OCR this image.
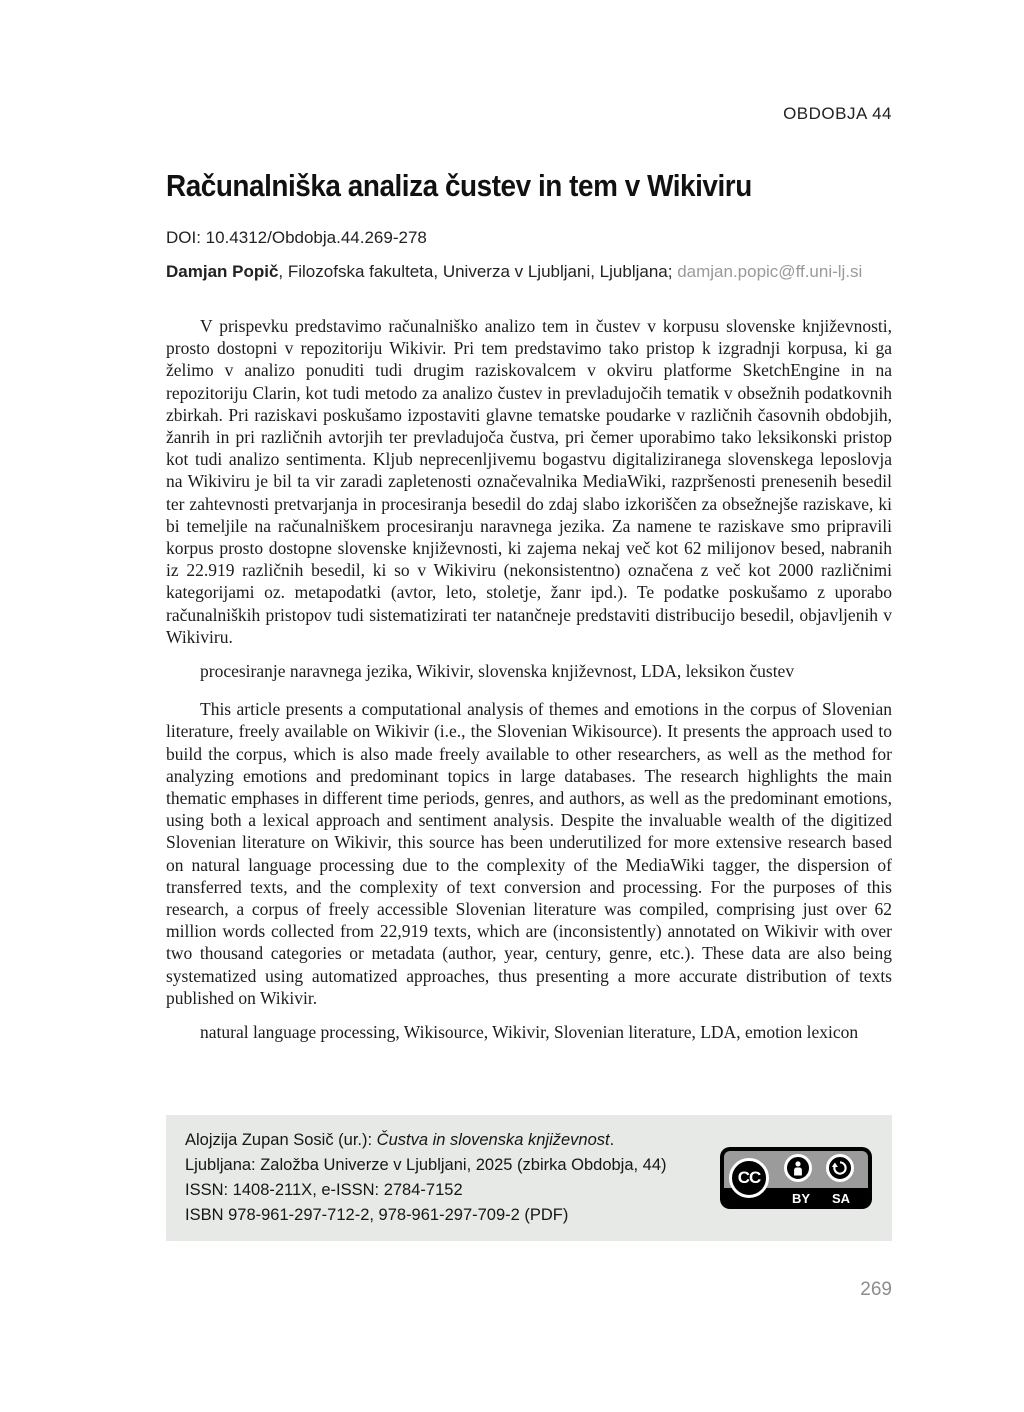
OBDOBJA 44
Računalniška analiza čustev in tem v Wikiviru
DOI: 10.4312/Obdobja.44.269-278
Damjan Popič, Filozofska fakulteta, Univerza v Ljubljani, Ljubljana; damjan.popic@ff.uni-lj.si

V prispevku predstavimo računalniško analizo tem in čustev v korpusu slovenske književnosti, prosto dostopni v repozitoriju Wikivir. Pri tem predstavimo tako pristop k izgradnji korpusa, ki ga želimo v analizo ponuditi tudi drugim raziskovalcem v okviru platforme SketchEngine in na repozitoriju Clarin, kot tudi metodo za analizo čustev in prevladujočih tematik v obsežnih podatkovnih zbirkah. Pri raziskavi poskušamo izpostaviti glavne tematske poudarke v različnih časovnih obdobjih, žanrih in pri različnih avtorjih ter prevladujoča čustva, pri čemer uporabimo tako leksikonski pristop kot tudi analizo sentimenta. Kljub neprecenljivemu bogastvu digitaliziranega slovenskega leposlovja na Wikiviru je bil ta vir zaradi zapletenosti označevalnika MediaWiki, razpršenosti prenesenih besedil ter zahtevnosti pretvarjanja in procesiranja besedil do zdaj slabo izkoriščen za obsežnejše raziskave, ki bi temeljile na računalniškem procesiranju naravnega jezika. Za namene te raziskave smo pripravili korpus prosto dostopne slovenske književnosti, ki zajema nekaj več kot 62 milijonov besed, nabranih iz 22.919 različnih besedil, ki so v Wikiviru (nekonsistentno) označena z več kot 2000 različnimi kategorijami oz. metapodatki (avtor, leto, stoletje, žanr ipd.). Te podatke poskušamo z uporabo računalniških pristopov tudi sistematizirati ter natančneje predstaviti distribucijo besedil, objavljenih v Wikiviru.

procesiranje naravnega jezika, Wikivir, slovenska književnost, LDA, leksikon čustev

This article presents a computational analysis of themes and emotions in the corpus of Slovenian literature, freely available on Wikivir (i.e., the Slovenian Wikisource). It presents the approach used to build the corpus, which is also made freely available to other researchers, as well as the method for analyzing emotions and predominant topics in large databases. The research highlights the main thematic emphases in different time periods, genres, and authors, as well as the predominant emotions, using both a lexical approach and sentiment analysis. Despite the invaluable wealth of the digitized Slovenian literature on Wikivir, this source has been underutilized for more extensive research based on natural language processing due to the complexity of the MediaWiki tagger, the dispersion of transferred texts, and the complexity of text conversion and processing. For the purposes of this research, a corpus of freely accessible Slovenian literature was compiled, comprising just over 62 million words collected from 22,919 texts, which are (inconsistently) annotated on Wikivir with over two thousand categories or metadata (author, year, century, genre, etc.). These data are also being systematized using automatized approaches, thus presenting a more accurate distribution of texts published on Wikivir.

natural language processing, Wikisource, Wikivir, Slovenian literature, LDA, emotion lexicon

Alojzija Zupan Sosič (ur.): Čustva in slovenska književnost.
Ljubljana: Založba Univerze v Ljubljani, 2025 (zbirka Obdobja, 44)
ISSN: 1408-211X, e-ISSN: 2784-7152
ISBN 978-961-297-712-2, 978-961-297-709-2 (PDF)
CC
BY	SA
269
